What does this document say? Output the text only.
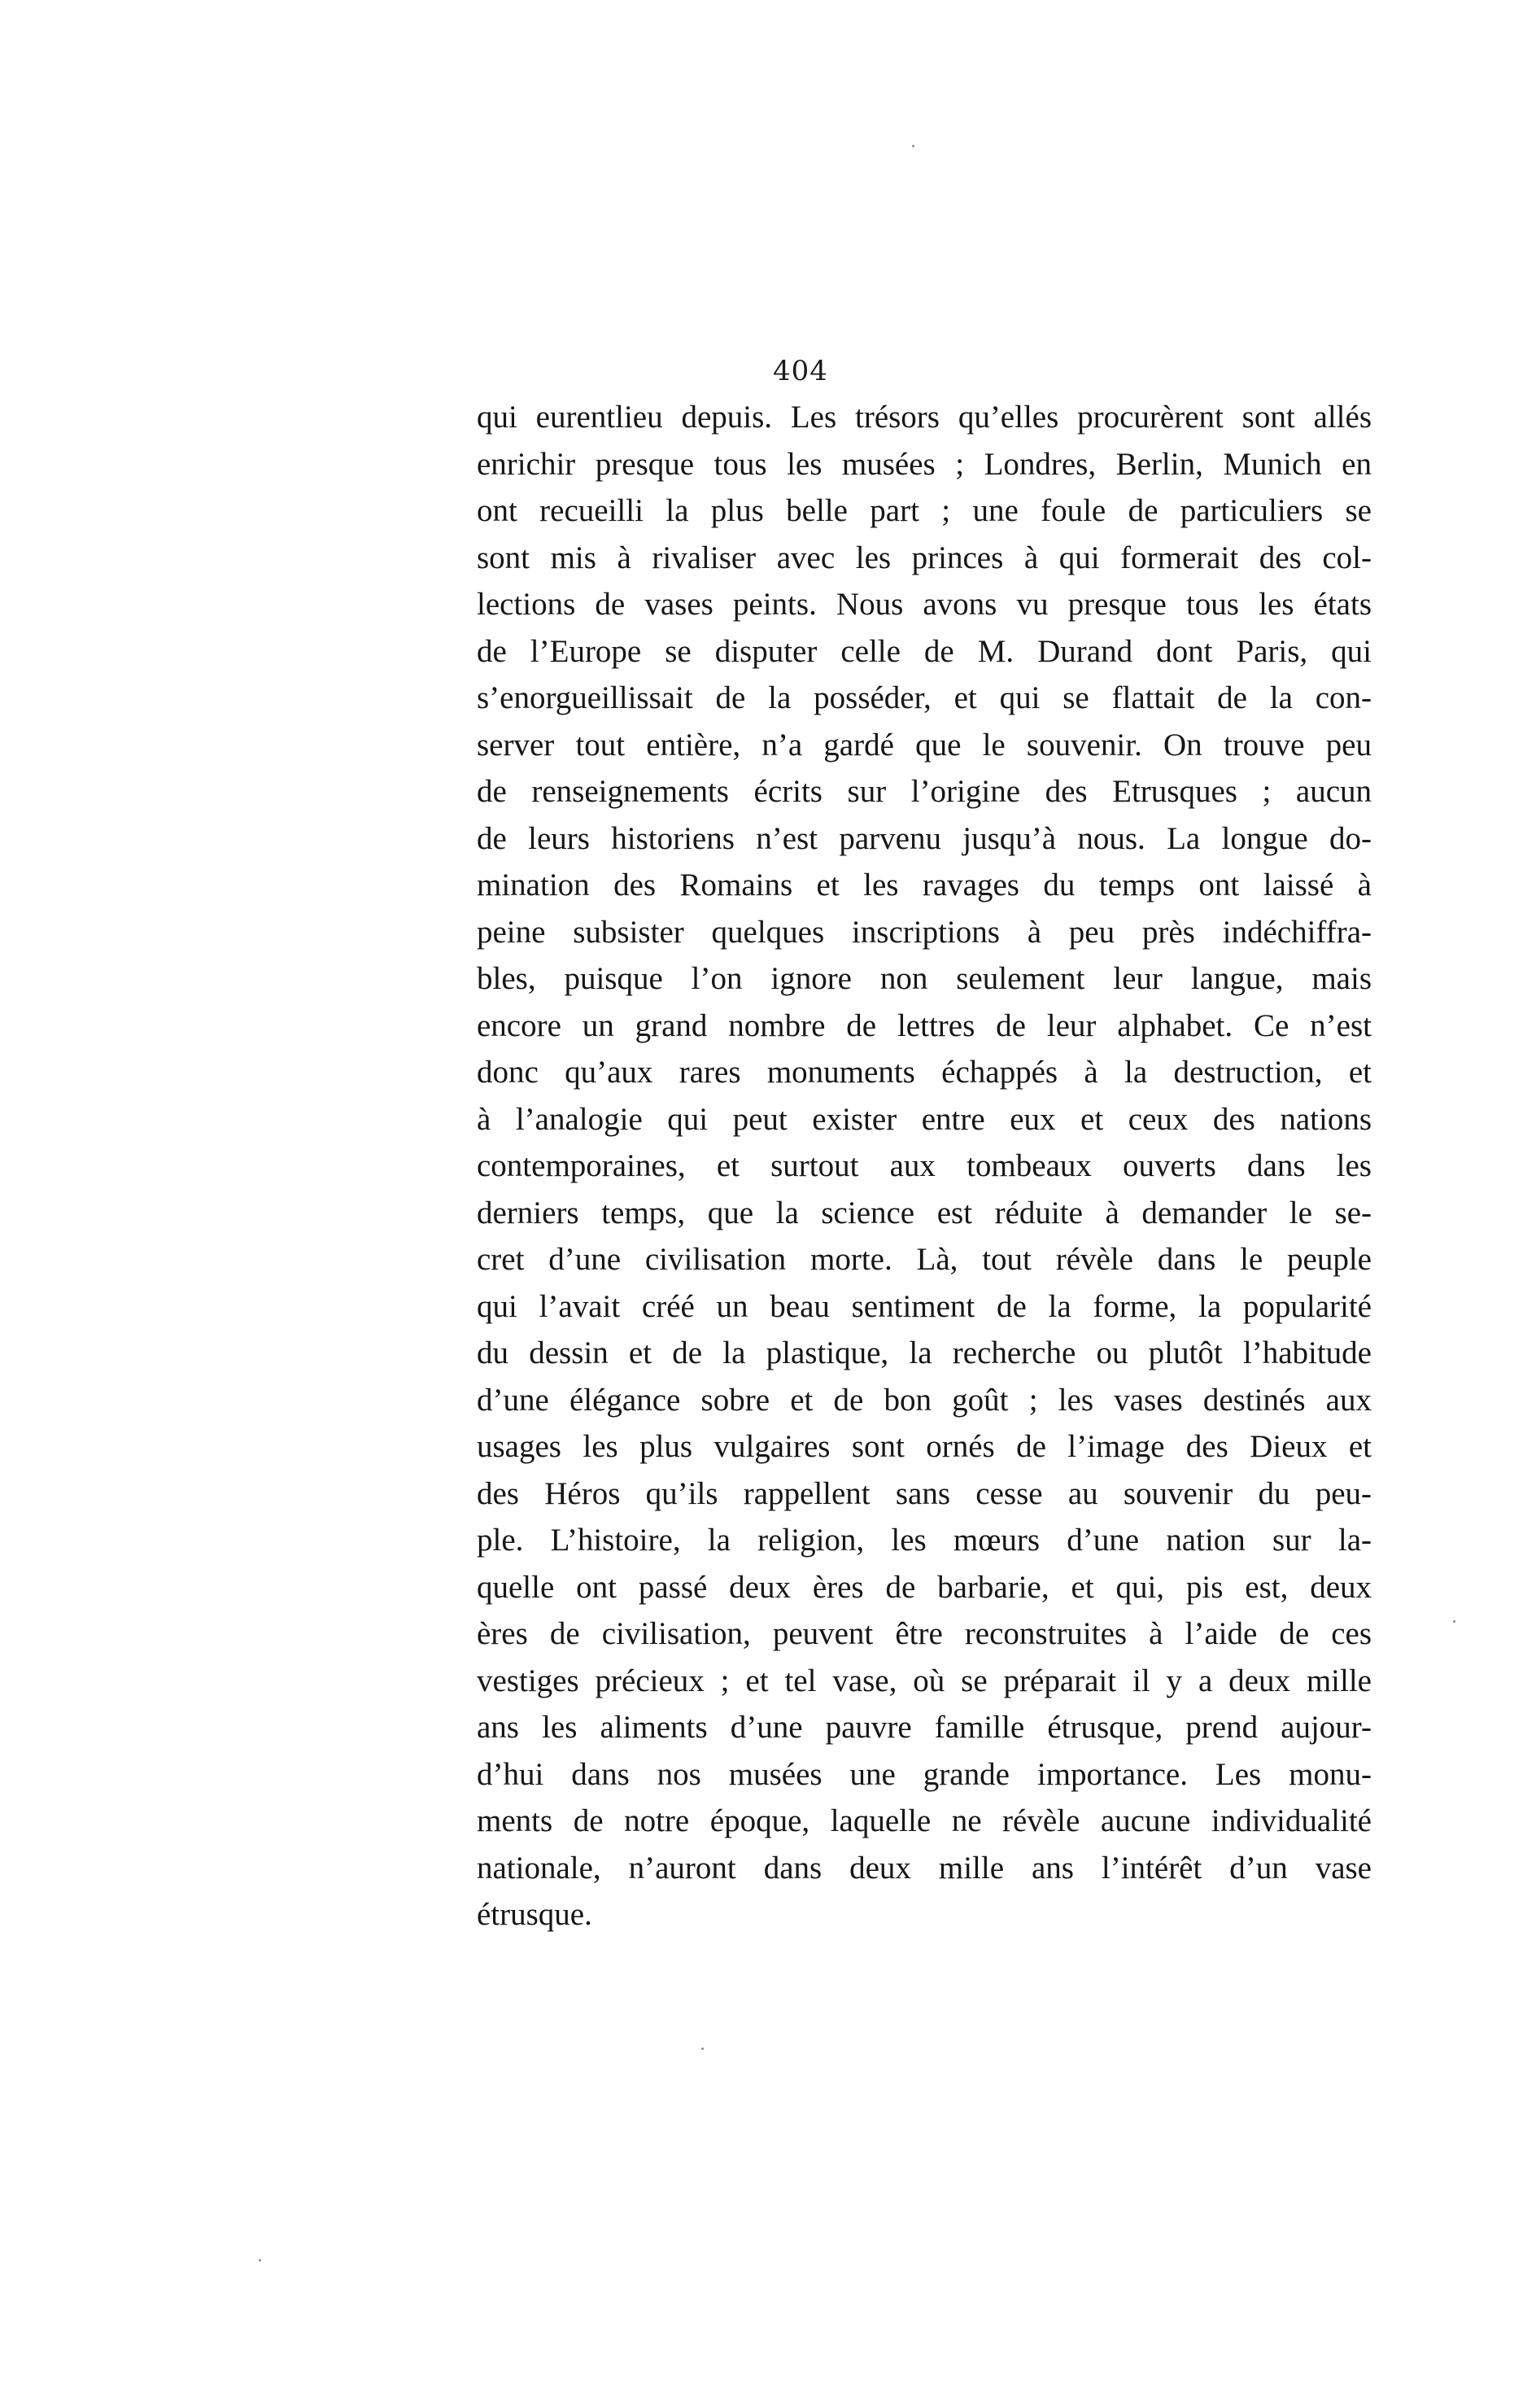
404
qui eurentlieu depuis. Les trésors qu’elles procurèrent sont allés
enrichir presque tous les musées ; Londres, Berlin, Munich en
ont recueilli la plus belle part ; une foule de particuliers se
sont mis à rivaliser avec les princes à qui formerait des col-
lections de vases peints. Nous avons vu presque tous les états
de l’Europe se disputer celle de M. Durand dont Paris, qui
s’enorgueillissait de la posséder, et qui se flattait de la con-
server tout entière, n’a gardé que le souvenir. On trouve peu
de renseignements écrits sur l’origine des Etrusques ; aucun
de leurs historiens n’est parvenu jusqu’à nous. La longue do-
mination des Romains et les ravages du temps ont laissé à
peine subsister quelques inscriptions à peu près indéchiffra-
bles, puisque l’on ignore non seulement leur langue, mais
encore un grand nombre de lettres de leur alphabet. Ce n’est
donc qu’aux rares monuments échappés à la destruction, et
à l’analogie qui peut exister entre eux et ceux des nations
contemporaines, et surtout aux tombeaux ouverts dans les
derniers temps, que la science est réduite à demander le se-
cret d’une civilisation morte. Là, tout révèle dans le peuple
qui l’avait créé un beau sentiment de la forme, la popularité
du dessin et de la plastique, la recherche ou plutôt l’habitude
d’une élégance sobre et de bon goût ; les vases destinés aux
usages les plus vulgaires sont ornés de l’image des Dieux et
des Héros qu’ils rappellent sans cesse au souvenir du peu-
ple. L’histoire, la religion, les mœurs d’une nation sur la-
quelle ont passé deux ères de barbarie, et qui, pis est, deux
ères de civilisation, peuvent être reconstruites à l’aide de ces
vestiges précieux ; et tel vase, où se préparait il y a deux mille
ans les aliments d’une pauvre famille étrusque, prend aujour-
d’hui dans nos musées une grande importance. Les monu-
ments de notre époque, laquelle ne révèle aucune individualité
nationale, n’auront dans deux mille ans l’intérêt d’un vase
étrusque.
